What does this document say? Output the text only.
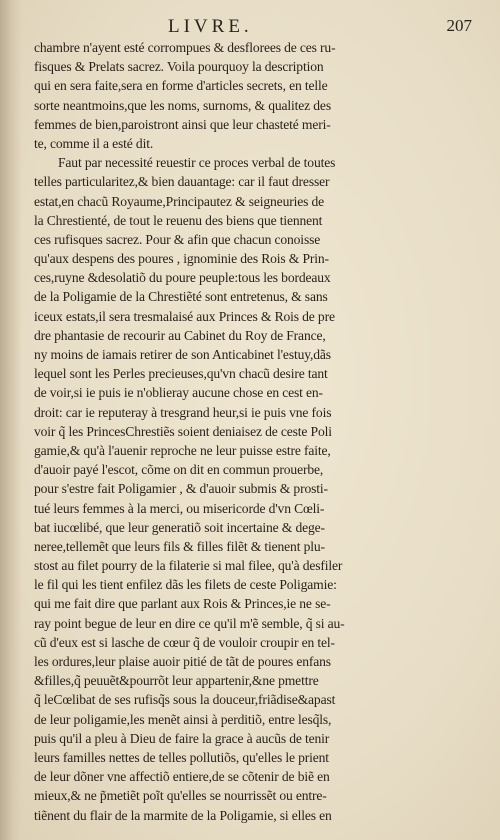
LIVRE.	207
chambre n'ayent esté corrompues & desflorees de ces ru-
fisques & Prelats sacrez. Voila pourquoy la description
qui en sera faite,sera en forme d'articles secrets, en telle
sorte neantmoins,que les noms, surnoms, & qualitez des
femmes de bien,paroistront ainsi que leur chasteté meri-
te, comme il a esté dit.
Faut par necessité reuestir ce proces verbal de toutes
telles particularitez,& bien dauantage: car il faut dresser
estat,en chacũ Royaume,Principautez & seigneuries de
la Chrestienté, de tout le reuenu des biens que tiennent
ces rufisques sacrez. Pour & afin que chacun conoisse
qu'aux despens des poures , ignominie des Rois & Prin-
ces,ruyne &desolatiõ du poure peuple:tous les bordeaux
de la Poligamie de la Chrestiẽté sont entretenus, & sans
iceux estats,il sera tresmalaisé aux Princes & Rois de pre
dre phantasie de recourir au Cabinet du Roy de France,
ny moins de iamais retirer de son Anticabinet l'estuy,dãs
lequel sont les Perles precieuses,qu'vn chacũ desire tant
de voir,si ie puis ie n'oblieray aucune chose en cest en-
droit: car ie reputeray à tresgrand heur,si ie puis vne fois
voir q̃ les PrincesChrestiẽs soient deniaisez de ceste Poli
gamie,& qu'à l'auenir reproche ne leur puisse estre faite,
d'auoir payé l'escot, cõme on dit en commun prouerbe,
pour s'estre fait Poligamier , & d'auoir submis & prosti-
tué leurs femmes à la merci, ou misericorde d'vn Cœli-
bat iucœlibé, que leur generatiõ soit incertaine & dege-
neree,tellemẽt que leurs fils & filles filẽt & tienent plu-
stost au filet pourry de la filaterie si mal filee, qu'à desfiler
le fil qui les tient enfilez dãs les filets de ceste Poligamie:
qui me fait dire que parlant aux Rois & Princes,ie ne se-
ray point begue de leur en dire ce qu'il m'ẽ semble, q̃ si au-
cũ d'eux est si lasche de cœur q̃ de vouloir croupir en tel-
les ordures,leur plaise auoir pitié de tãt de poures enfans
&filles,q̃ peuuẽt&pourrõt leur appartenir,&ne pmettre
q̃ leCœlibat de ses rufisq̃s sous la douceur,friãdise&apast
de leur poligamie,les menẽt ainsi à perditiõ, entre lesq̃ls,
puis qu'il a pleu à Dieu de faire la grace à aucũs de tenir
leurs familles nettes de telles pollutiõs, qu'elles le prient
de leur dõner vne affectiõ entiere,de se cõtenir de biẽ en
mieux,& ne p̃metiẽt poĩt qu'elles se nourrissẽt ou entre-
tiẽnent du flair de la marmite de la Poligamie, si elles en
